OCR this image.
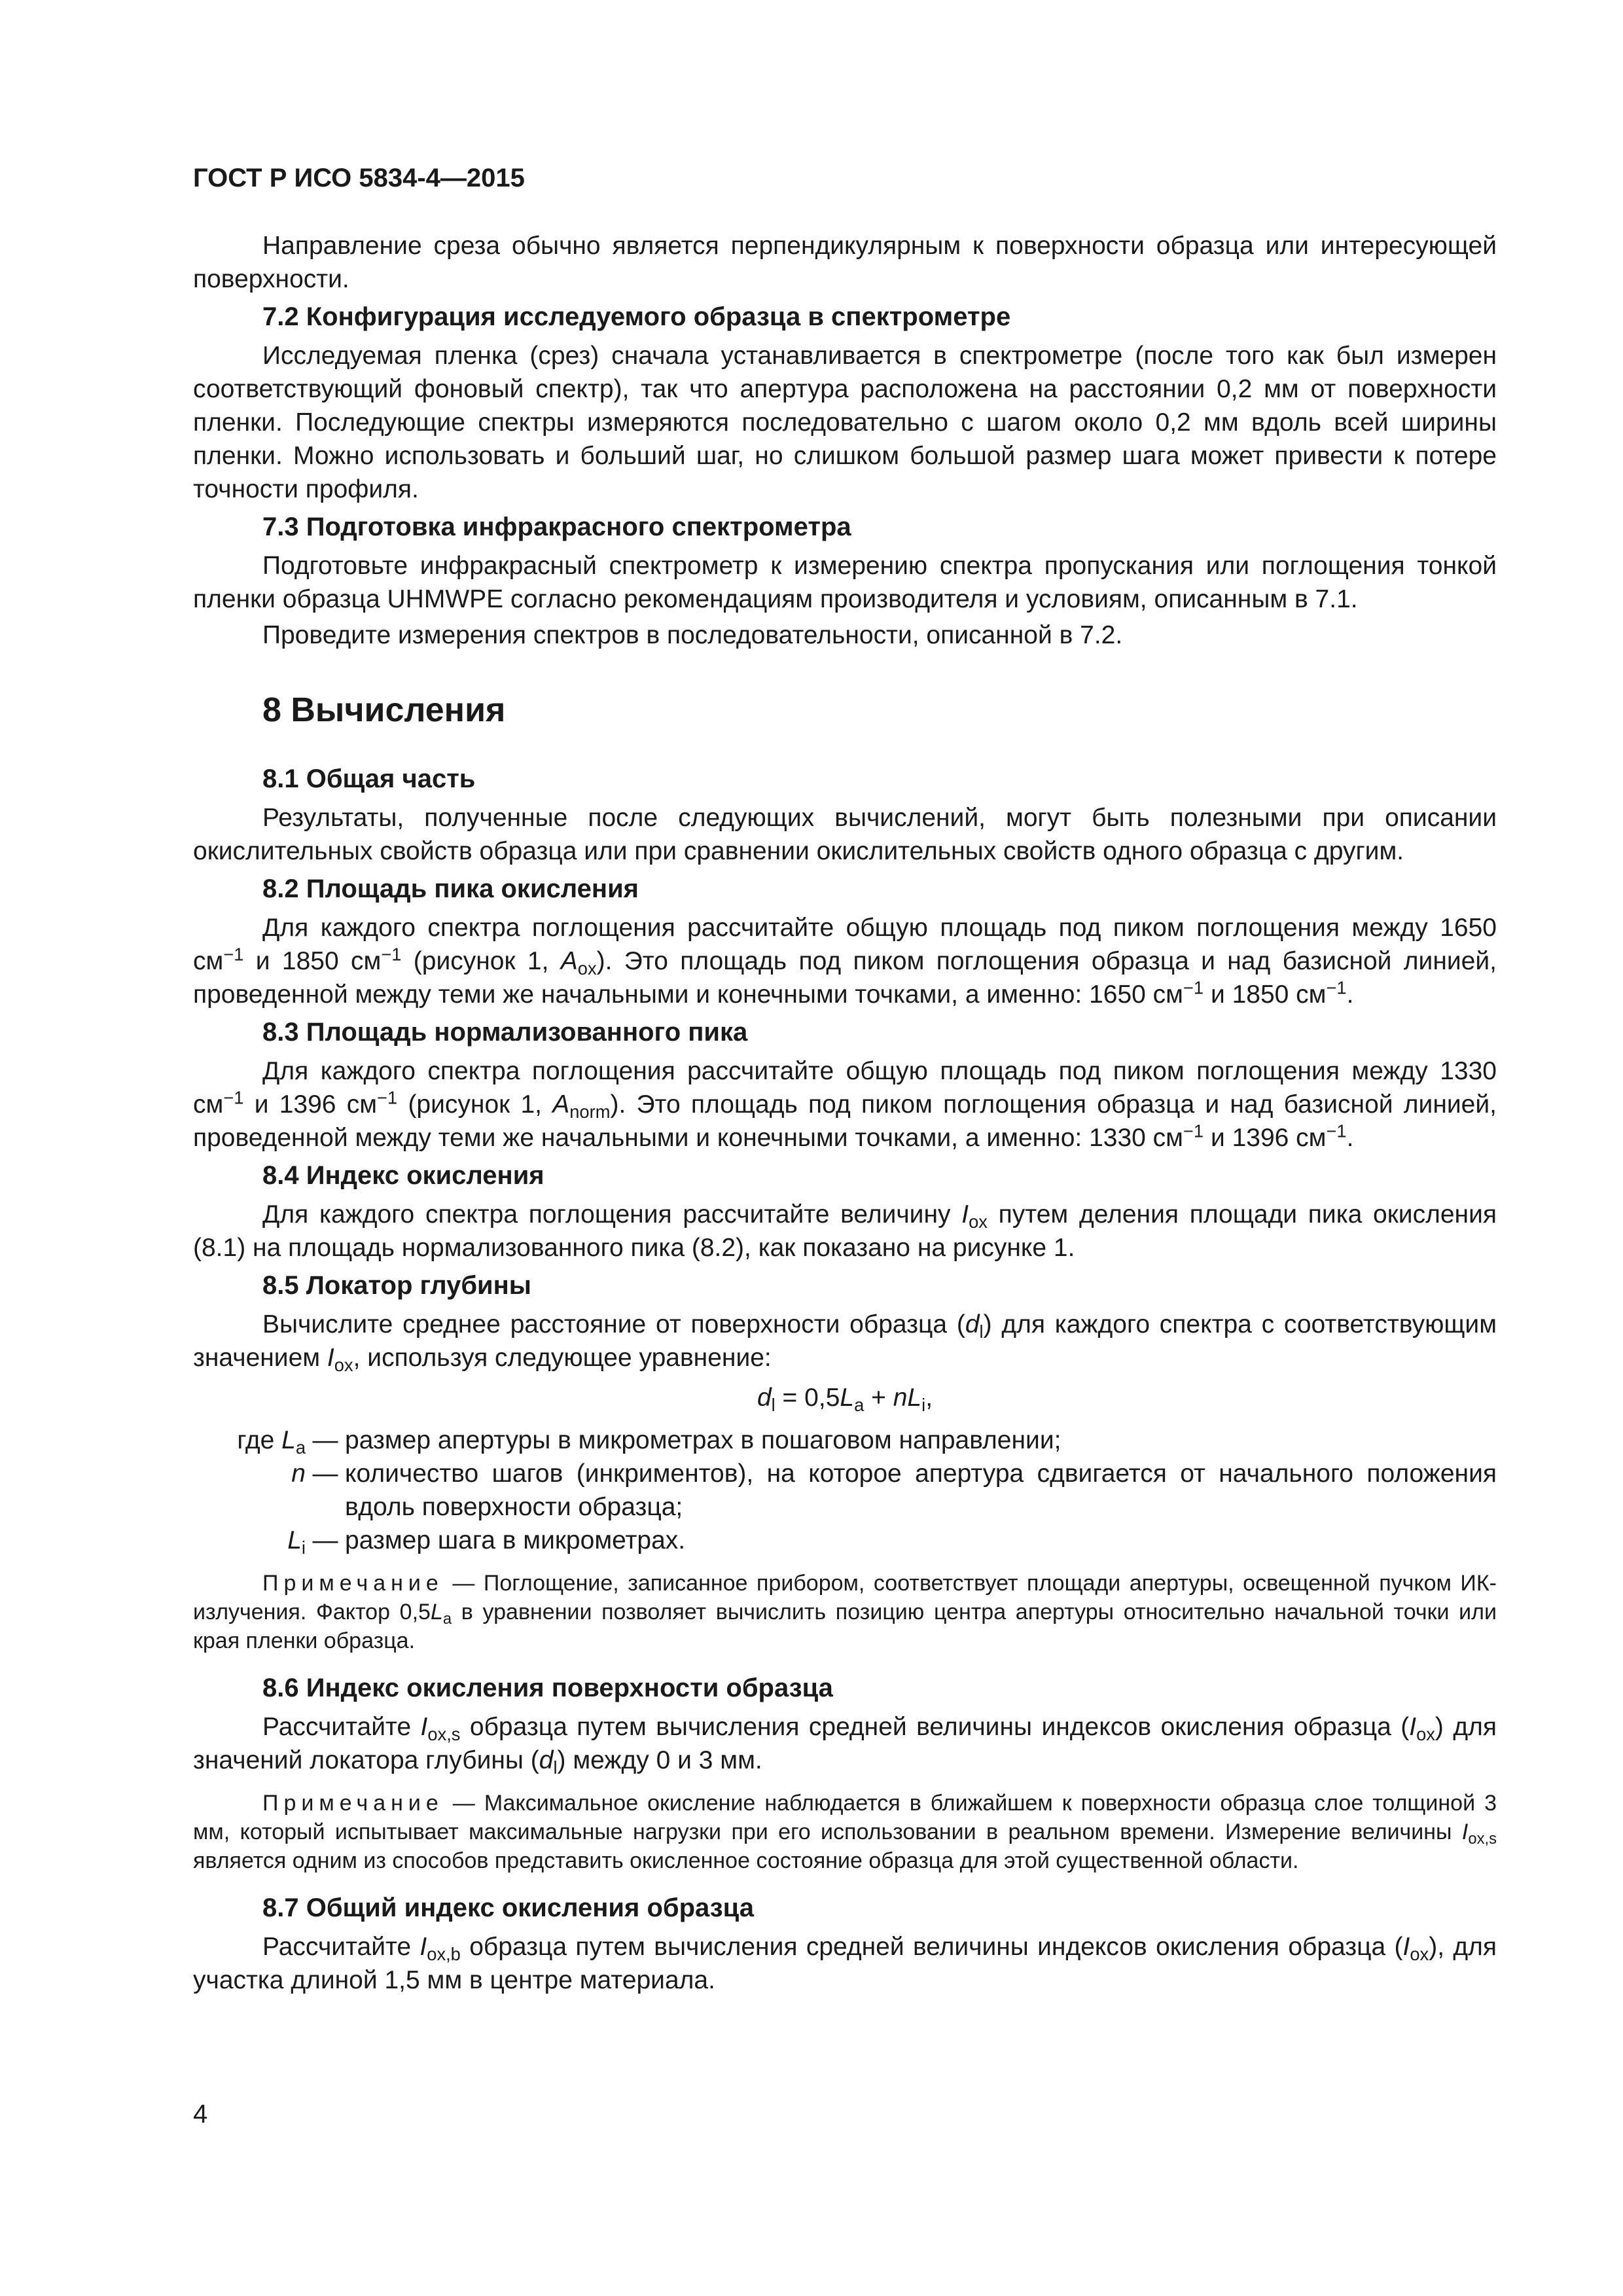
ГОСТ Р ИСО 5834-4—2015

Направление среза обычно является перпендикулярным к поверхности образца или интересующей поверхности.

7.2 Конфигурация исследуемого образца в спектрометре

Исследуемая пленка (срез) сначала устанавливается в спектрометре (после того как был измерен соответствующий фоновый спектр), так что апертура расположена на расстоянии 0,2 мм от поверхности пленки. Последующие спектры измеряются последовательно с шагом около 0,2 мм вдоль всей ширины пленки. Можно использовать и больший шаг, но слишком большой размер шага может привести к потере точности профиля.

7.3 Подготовка инфракрасного спектрометра

Подготовьте инфракрасный спектрометр к измерению спектра пропускания или поглощения тонкой пленки образца UHMWPE согласно рекомендациям производителя и условиям, описанным в 7.1.

Проведите измерения спектров в последовательности, описанной в 7.2.

8 Вычисления
8.1 Общая часть

Результаты, полученные после следующих вычислений, могут быть полезными при описании окислительных свойств образца или при сравнении окислительных свойств одного образца с другим.

8.2 Площадь пика окисления

Для каждого спектра поглощения рассчитайте общую площадь под пиком поглощения между 1650 $см^{-1}$ и 1850 $см^{-1}$ (рисунок 1, $A_{ox}$). Это площадь под пиком поглощения образца и над базисной линией, проведенной между теми же начальными и конечными точками, а именно: 1650 $см^{-1}$ и 1850 $см^{-1}$.

8.3 Площадь нормализованного пика

Для каждого спектра поглощения рассчитайте общую площадь под пиком поглощения между 1330 $см^{-1}$ и 1396 $см^{-1}$ (рисунок 1, $A_{norm}$). Это площадь под пиком поглощения образца и над базисной линией, проведенной между теми же начальными и конечными точками, а именно: 1330 $см^{-1}$ и 1396 $см^{-1}$.

8.4 Индекс окисления

Для каждого спектра поглощения рассчитайте величину $I_{ox}$ путем деления площади пика окисления (8.1) на площадь нормализованного пика (8.2), как показано на рисунке 1.

8.5 Локатор глубины

Вычислите среднее расстояние от поверхности образца $(d_l)$ для каждого спектра с соответствующим значением $I_{ox}$, используя следующее уравнение:

$d_l = 0,5L_a + nL_i$,
где $L_a$ — размер апертуры в микрометрах в пошаговом направлении;
n — количество шагов (инкриментов), на которое апертура сдвигается от начального положения вдоль поверхности образца;
$L_i$ — размер шага в микрометрах.
Примечание — Поглощение, записанное прибором, соответствует площади апертуры, освещенной пучком ИК-излучения. Фактор $0,5L_a$ в уравнении позволяет вычислить позицию центра апертуры относительно начальной точки или края пленки образца.
8.6 Индекс окисления поверхности образца

Рассчитайте $I_{ox,s}$ образца путем вычисления средней величины индексов окисления образца $(I_{ox})$ для значений локатора глубины $(d_l)$ между 0 и 3 мм.

Примечание — Максимальное окисление наблюдается в ближайшем к поверхности образца слое толщиной 3 мм, который испытывает максимальные нагрузки при его использовании в реальном времени. Измерение величины $I_{ox,s}$ является одним из способов представить окисленное состояние образца для этой существенной области.
8.7 Общий индекс окисления образца

Рассчитайте $I_{ox,b}$ образца путем вычисления средней величины индексов окисления образца $(I_{ox})$, для участка длиной 1,5 мм в центре материала.

4
